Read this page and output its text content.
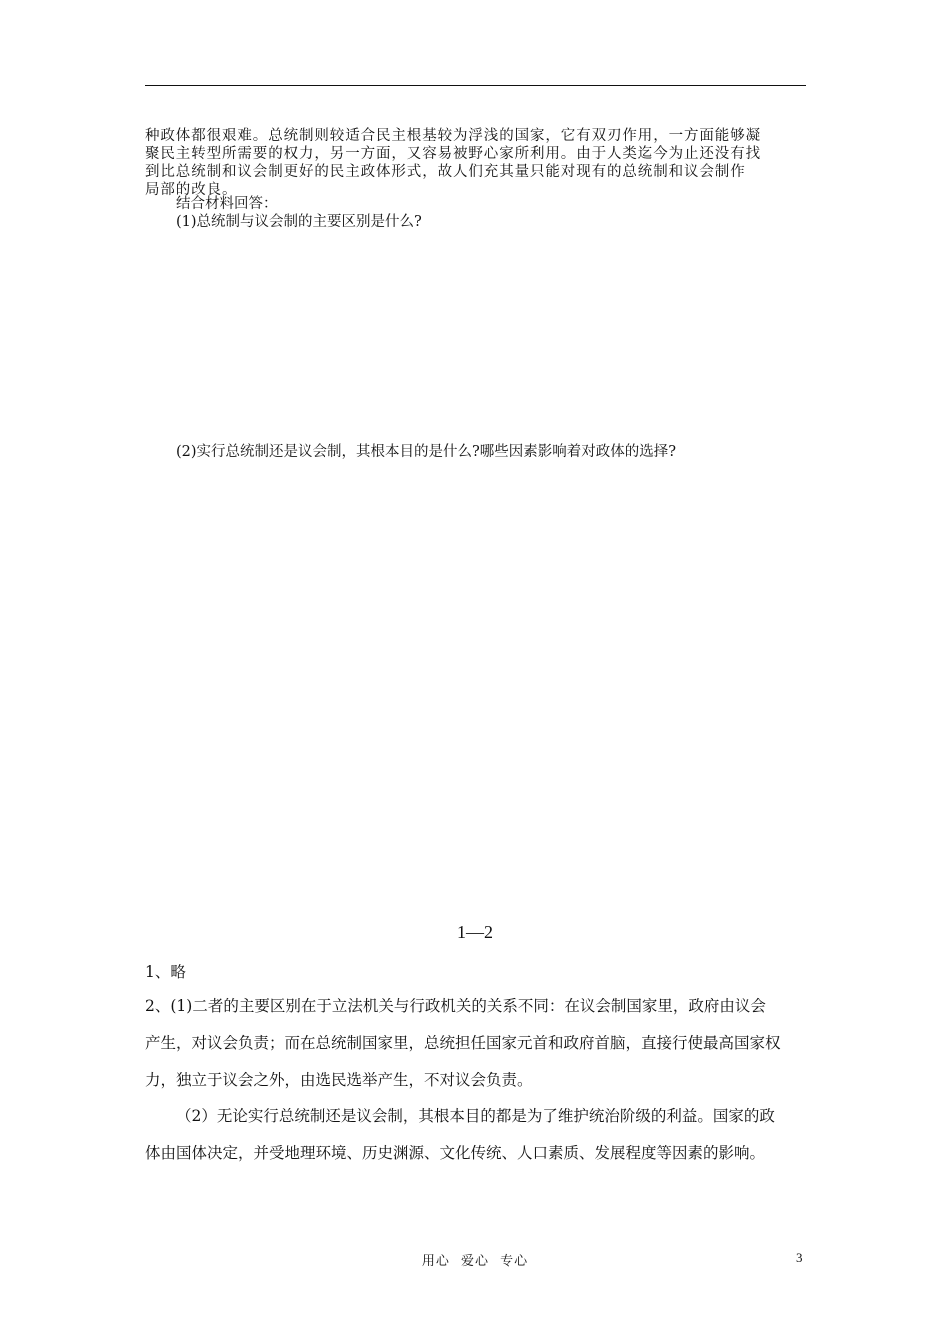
种政体都很艰难。总统制则较适合民主根基较为浮浅的国家，它有双刃作用，一方面能够凝
聚民主转型所需要的权力，另一方面，又容易被野心家所利用。由于人类迄今为止还没有找
到比总统制和议会制更好的民主政体形式，故人们充其量只能对现有的总统制和议会制作
局部的改良。
结合材料回答：
(1)总统制与议会制的主要区别是什么?
(2)实行总统制还是议会制，其根本目的是什么?哪些因素影响着对政体的选择?
1—2
1、略
2、(1)二者的主要区别在于立法机关与行政机关的关系不同：在议会制国家里，政府由议会
产生，对议会负责；而在总统制国家里，总统担任国家元首和政府首脑，直接行使最高国家权
力，独立于议会之外，由选民选举产生，不对议会负责。
（2）无论实行总统制还是议会制，其根本目的都是为了维护统治阶级的利益。国家的政
体由国体决定，并受地理环境、历史渊源、文化传统、人口素质、发展程度等因素的影响。
用心 爱心 专心	3
